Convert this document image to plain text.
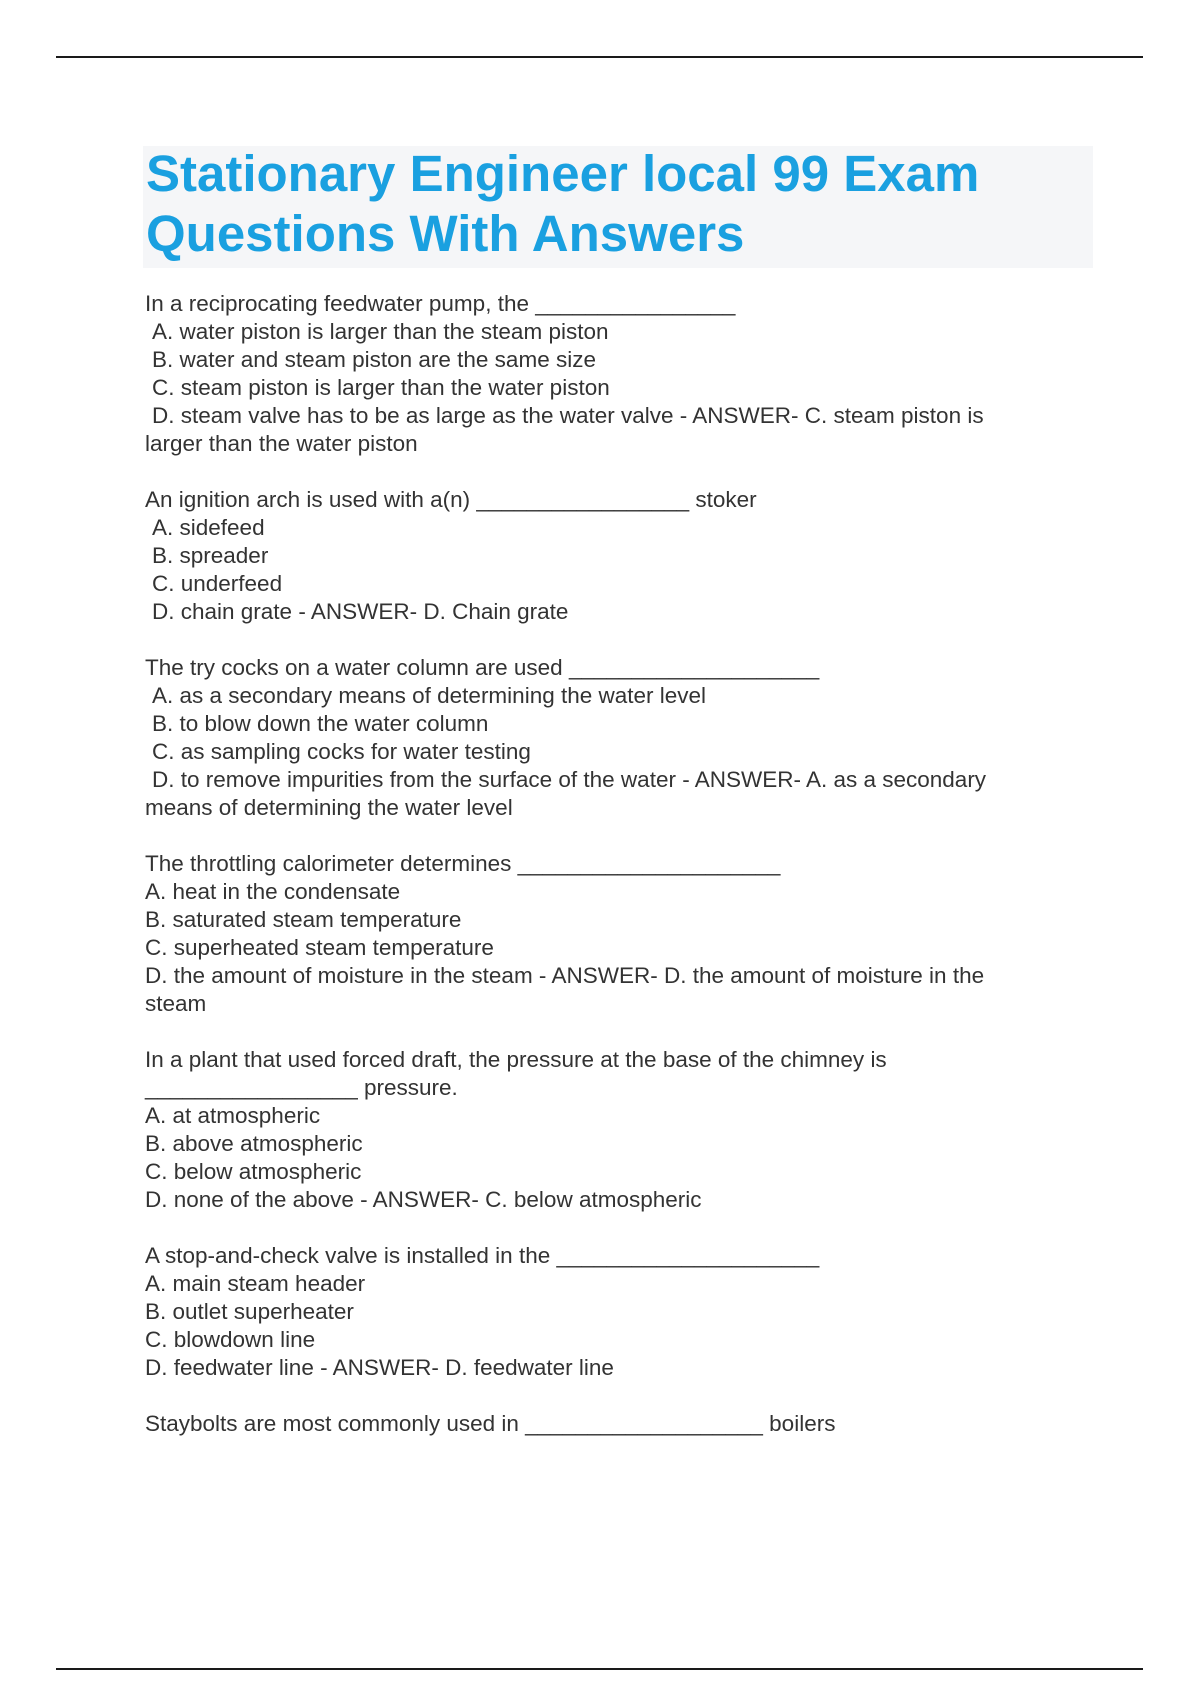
Stationary Engineer local 99 Exam Questions With Answers

In a reciprocating feedwater pump, the ________________

A. water piston is larger than the steam piston

B. water and steam piston are the same size

C. steam piston is larger than the water piston

D. steam valve has to be as large as the water valve - ANSWER- C. steam piston is

larger than the water piston

An ignition arch is used with a(n) _________________ stoker

A. sidefeed

B. spreader

C. underfeed

D. chain grate - ANSWER- D. Chain grate

The try cocks on a water column are used ____________________

A. as a secondary means of determining the water level

B. to blow down the water column

C. as sampling cocks for water testing

D. to remove impurities from the surface of the water - ANSWER- A. as a secondary

means of determining the water level

The throttling calorimeter determines _____________________

A. heat in the condensate

B. saturated steam temperature

C. superheated steam temperature

D. the amount of moisture in the steam - ANSWER- D. the amount of moisture in the

steam

In a plant that used forced draft, the pressure at the base of the chimney is

_________________ pressure.

A. at atmospheric

B. above atmospheric

C. below atmospheric

D. none of the above - ANSWER- C. below atmospheric

A stop-and-check valve is installed in the _____________________

A. main steam header

B. outlet superheater

C. blowdown line

D. feedwater line - ANSWER- D. feedwater line

Staybolts are most commonly used in ___________________ boilers
